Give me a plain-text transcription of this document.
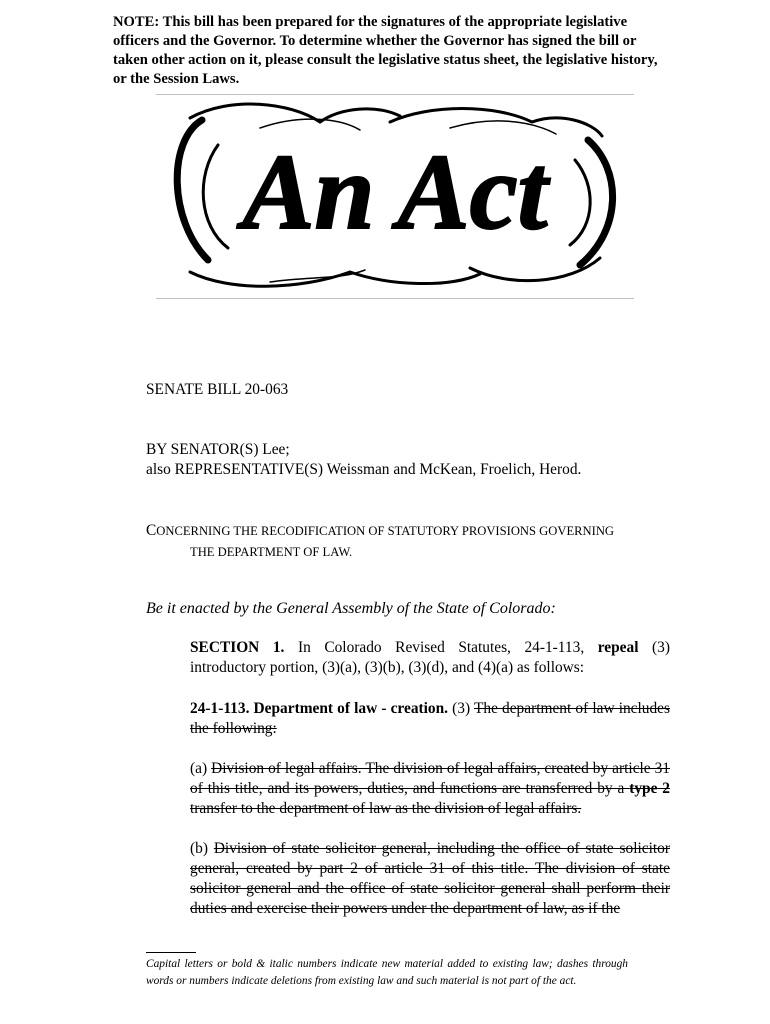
NOTE: This bill has been prepared for the signatures of the appropriate legislative officers and the Governor. To determine whether the Governor has signed the bill or taken other action on it, please consult the legislative status sheet, the legislative history, or the Session Laws.

An Act

SENATE BILL 20-063

BY SENATOR(S) Lee;
also REPRESENTATIVE(S) Weissman and McKean, Froelich, Herod.

CONCERNING THE RECODIFICATION OF STATUTORY PROVISIONS GOVERNING
THE DEPARTMENT OF LAW.

Be it enacted by the General Assembly of the State of Colorado:

SECTION 1. In Colorado Revised Statutes, 24-1-113, repeal (3) introductory portion, (3)(a), (3)(b), (3)(d), and (4)(a) as follows:

24-1-113. Department of law - creation. (3) The department of law includes the following:

(a) Division of legal affairs. The division of legal affairs, created by article 31 of this title, and its powers, duties, and functions are transferred by a type 2 transfer to the department of law as the division of legal affairs.

(b) Division of state solicitor general, including the office of state solicitor general, created by part 2 of article 31 of this title. The division of state solicitor general and the office of state solicitor general shall perform their duties and exercise their powers under the department of law, as if the

Capital letters or bold & italic numbers indicate new material added to existing law; dashes through words or numbers indicate deletions from existing law and such material is not part of the act.
